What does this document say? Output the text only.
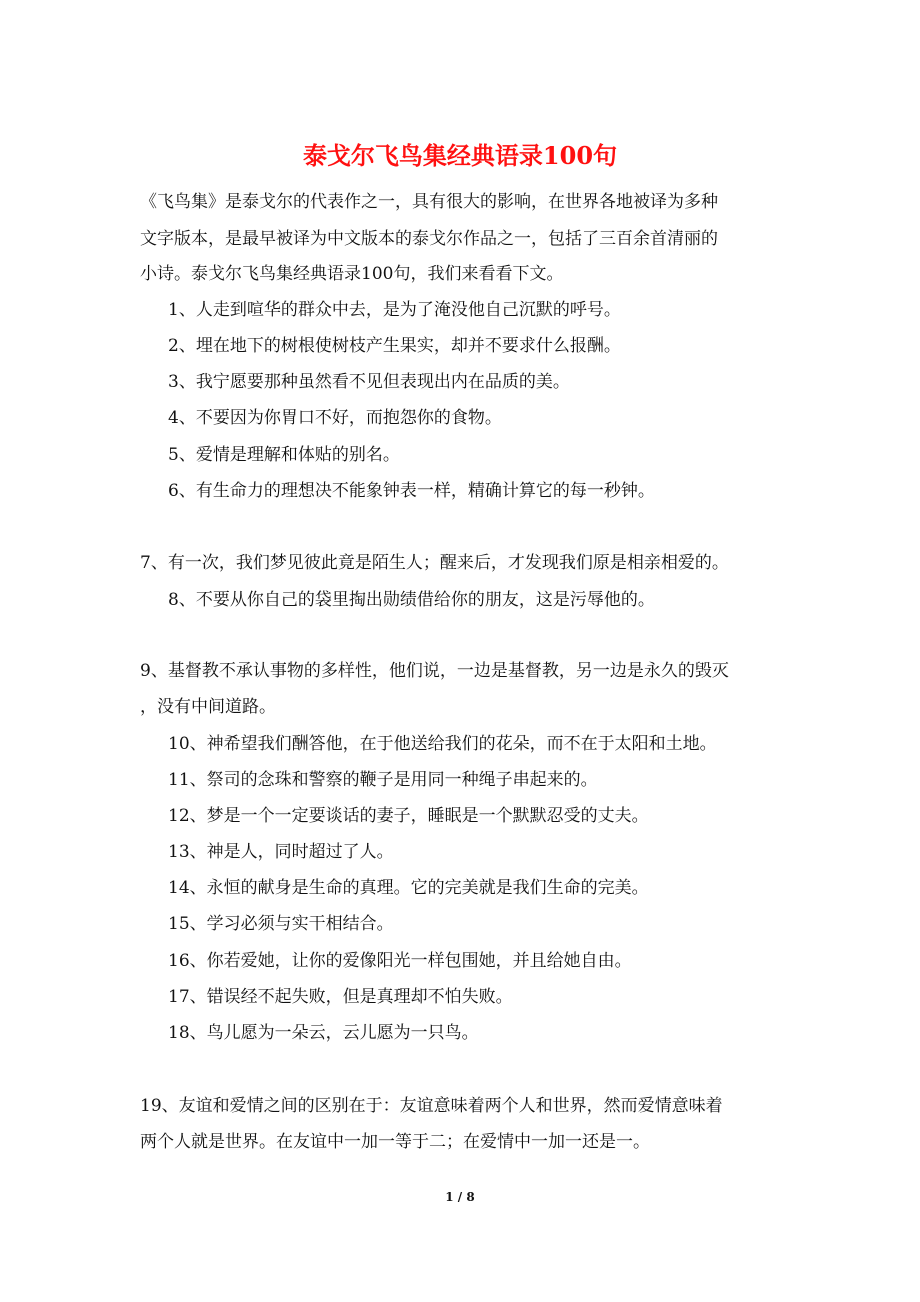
泰戈尔飞鸟集经典语录100句
《飞鸟集》是泰戈尔的代表作之一，具有很大的影响，在世界各地被译为多种
文字版本，是最早被译为中文版本的泰戈尔作品之一，包括了三百余首清丽的
小诗。泰戈尔飞鸟集经典语录100句，我们来看看下文。
1、人走到喧华的群众中去，是为了淹没他自己沉默的呼号。
2、埋在地下的树根使树枝产生果实，却并不要求什么报酬。
3、我宁愿要那种虽然看不见但表现出内在品质的美。
4、不要因为你胃口不好，而抱怨你的食物。
5、爱情是理解和体贴的别名。
6、有生命力的理想决不能象钟表一样，精确计算它的每一秒钟。
7、有一次，我们梦见彼此竟是陌生人；醒来后，才发现我们原是相亲相爱的。
8、不要从你自己的袋里掏出勋绩借给你的朋友，这是污辱他的。
9、基督教不承认事物的多样性，他们说，一边是基督教，另一边是永久的毁灭
，没有中间道路。
10、神希望我们酬答他，在于他送给我们的花朵，而不在于太阳和土地。
11、祭司的念珠和警察的鞭子是用同一种绳子串起来的。
12、梦是一个一定要谈话的妻子，睡眠是一个默默忍受的丈夫。
13、神是人，同时超过了人。
14、永恒的献身是生命的真理。它的完美就是我们生命的完美。
15、学习必须与实干相结合。
16、你若爱她，让你的爱像阳光一样包围她，并且给她自由。
17、错误经不起失败，但是真理却不怕失败。
18、鸟儿愿为一朵云，云儿愿为一只鸟。
19、友谊和爱情之间的区别在于：友谊意味着两个人和世界，然而爱情意味着
两个人就是世界。在友谊中一加一等于二；在爱情中一加一还是一。
1 / 8
